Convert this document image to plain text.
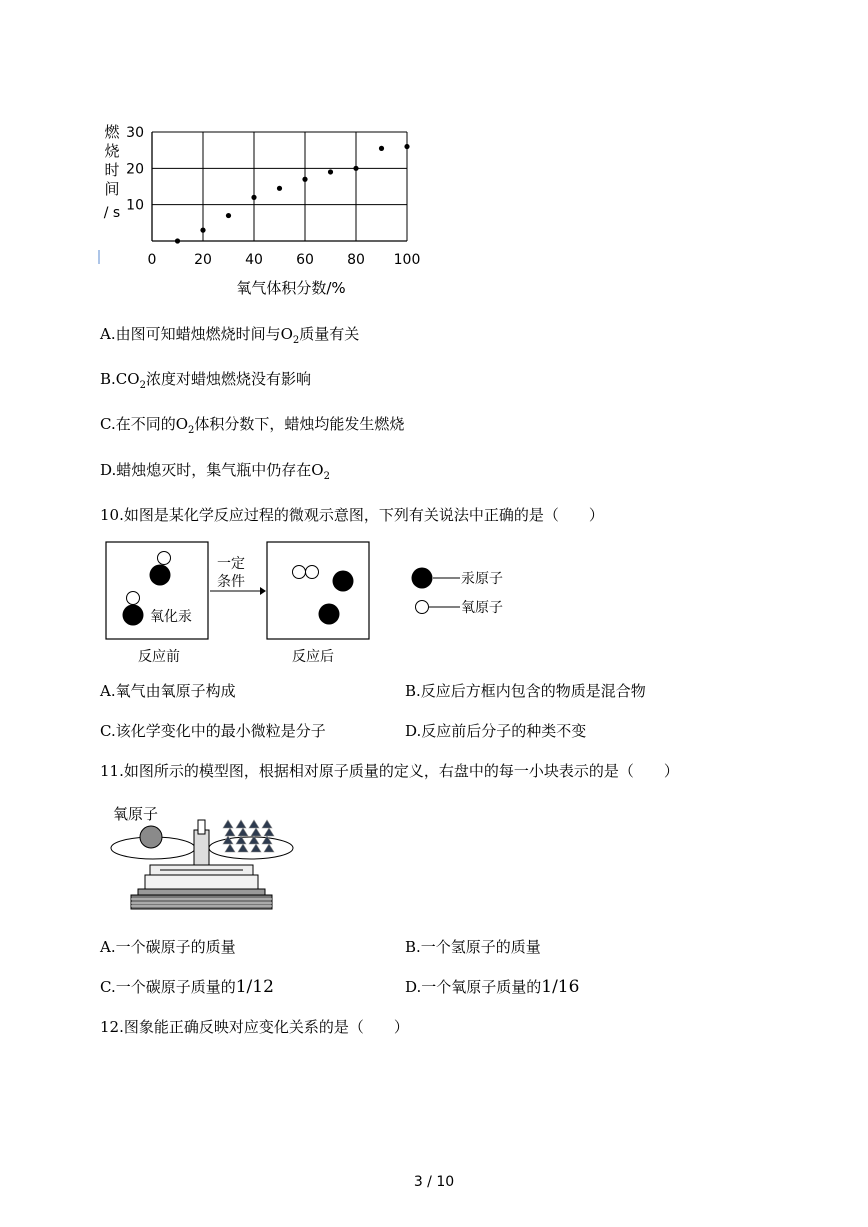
0	20 40 60 80 100
10
20
30
燃
烧
时
间
/ s
氧气体积分数/%
A.由图可知蜡烛燃烧时间与$O_2$质量有关
$B.CO_2$浓度对蜡烛燃烧没有影响
C.在不同的$O_2$体积分数下，蜡烛均能发生燃烧
D.蜡烛熄灭时，集气瓶中仍存在$O_2$
10.如图是某化学反应过程的微观示意图，下列有关说法中正确的是（　　）
氧化汞
反应前
一定
条件
反应后
汞原子
氧原子
A.氧气由氧原子构成	B.反应后方框内包含的物质是混合物
C.该化学变化中的最小微粒是分子	D.反应前后分子的种类不变
11.如图所示的模型图，根据相对原子质量的定义，右盘中的每一小块表示的是（　　）
氧原子
A.一个碳原子的质量	B.一个氢原子的质量
C.一个碳原子质量的1/12	D.一个氧原子质量的1/16
12.图象能正确反映对应变化关系的是（　　）
3 / 10
